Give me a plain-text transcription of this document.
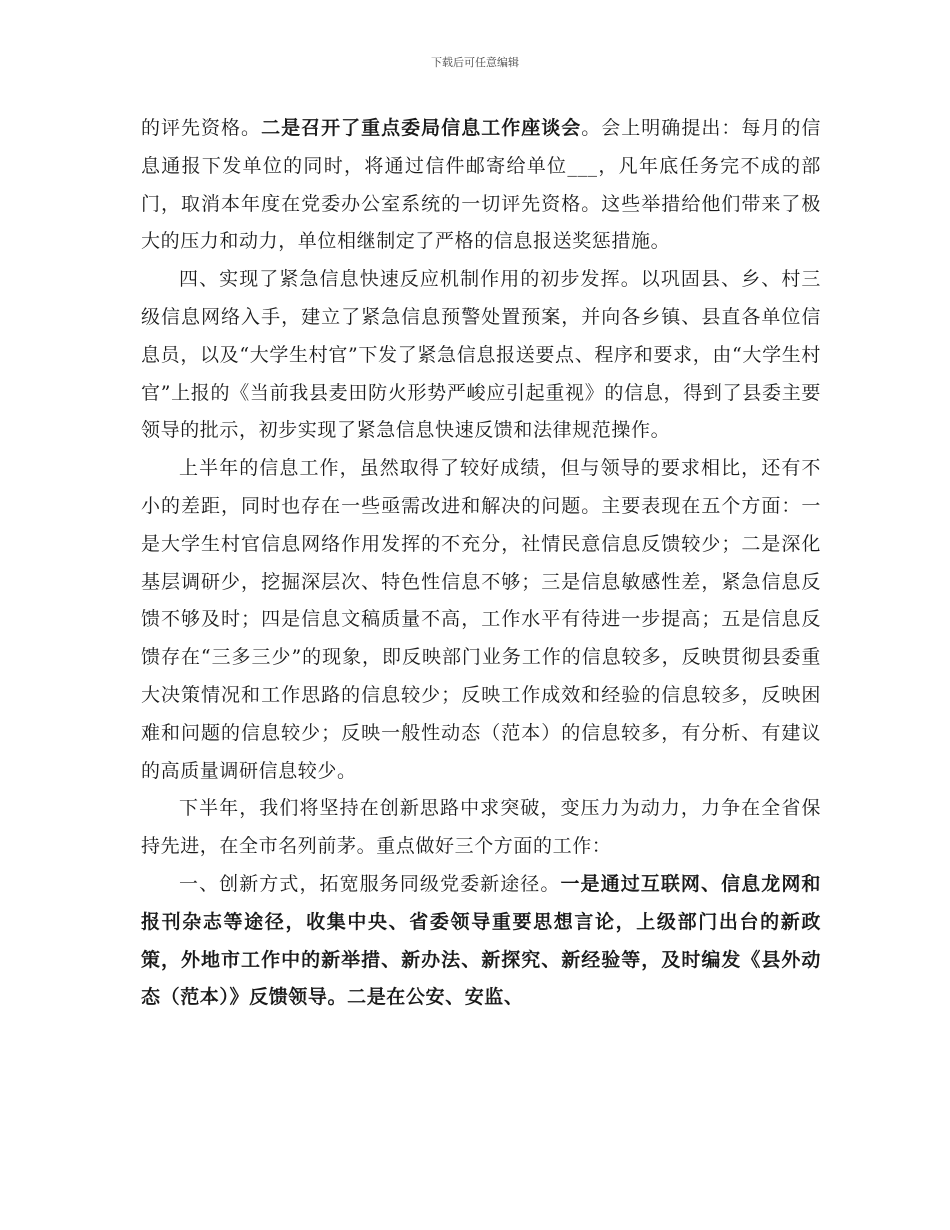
下载后可任意编辑

的评先资格。二是召开了重点委局信息工作座谈会。会上明确提出：每月的信息通报下发单位的同时，将通过信件邮寄给单位___，凡年底任务完不成的部门，取消本年度在党委办公室系统的一切评先资格。这些举措给他们带来了极大的压力和动力，单位相继制定了严格的信息报送奖惩措施。

四、实现了紧急信息快速反应机制作用的初步发挥。以巩固县、乡、村三级信息网络入手，建立了紧急信息预警处置预案，并向各乡镇、县直各单位信息员，以及“大学生村官”下发了紧急信息报送要点、程序和要求，由“大学生村官”上报的《当前我县麦田防火形势严峻应引起重视》的信息，得到了县委主要领导的批示，初步实现了紧急信息快速反馈和法律规范操作。

上半年的信息工作，虽然取得了较好成绩，但与领导的要求相比，还有不小的差距，同时也存在一些亟需改进和解决的问题。主要表现在五个方面：一是大学生村官信息网络作用发挥的不充分，社情民意信息反馈较少；二是深化基层调研少，挖掘深层次、特色性信息不够；三是信息敏感性差，紧急信息反馈不够及时；四是信息文稿质量不高，工作水平有待进一步提高；五是信息反馈存在“三多三少”的现象，即反映部门业务工作的信息较多，反映贯彻县委重大决策情况和工作思路的信息较少；反映工作成效和经验的信息较多，反映困难和问题的信息较少；反映一般性动态（范本）的信息较多，有分析、有建议的高质量调研信息较少。

下半年，我们将坚持在创新思路中求突破，变压力为动力，力争在全省保持先进，在全市名列前茅。重点做好三个方面的工作：

一、创新方式，拓宽服务同级党委新途径。一是通过互联网、信息龙网和报刊杂志等途径，收集中央、省委领导重要思想言论，上级部门出台的新政策，外地市工作中的新举措、新办法、新探究、新经验等，及时编发《县外动态（范本）》反馈领导。二是在公安、安监、
